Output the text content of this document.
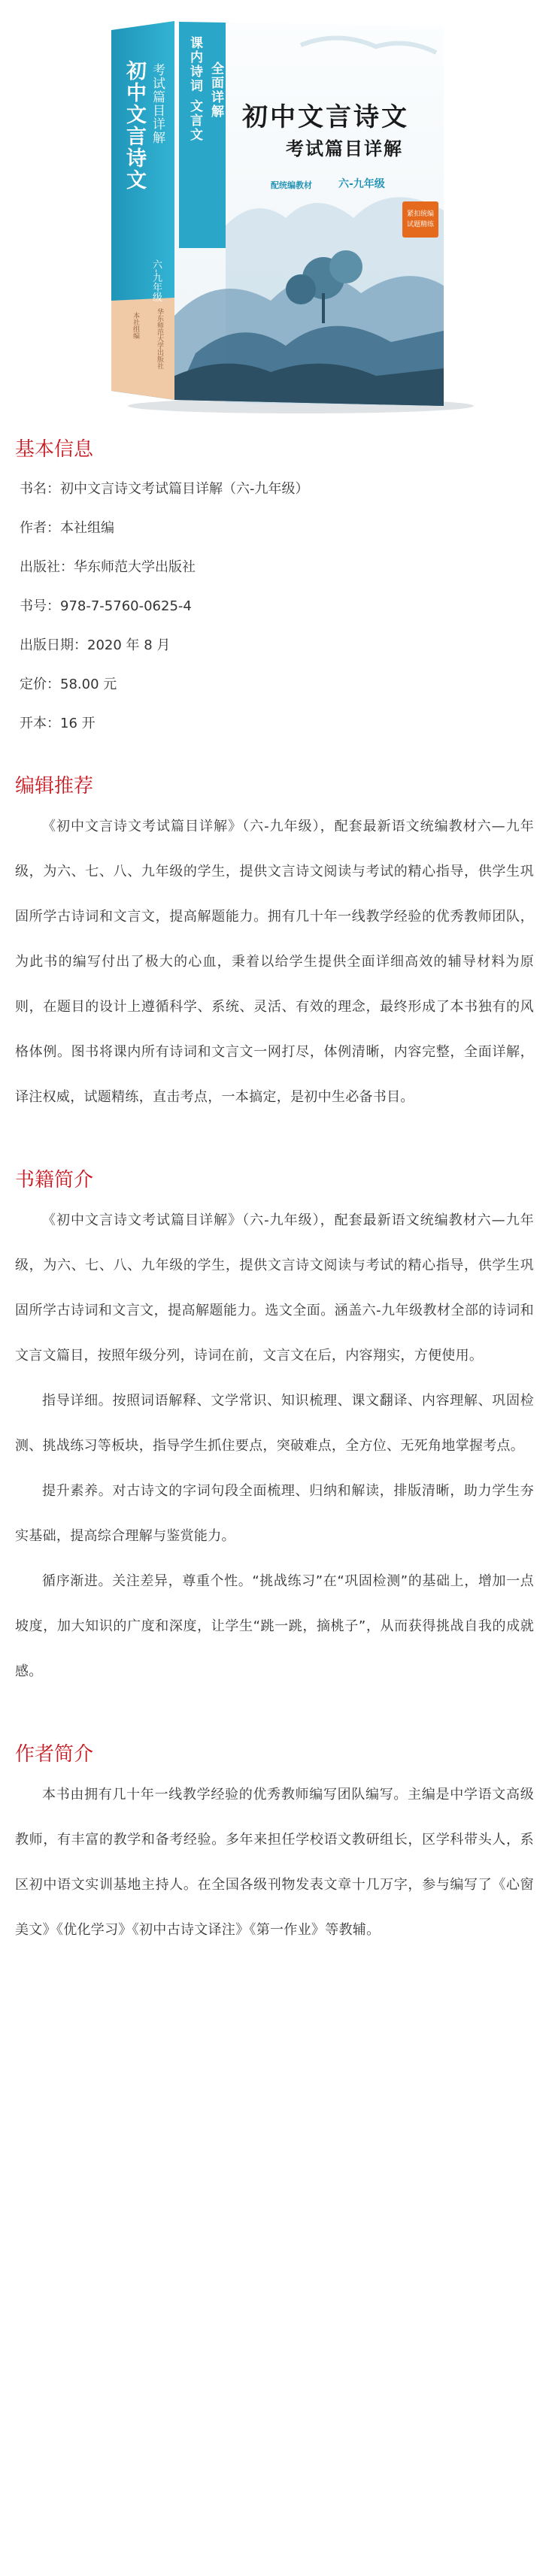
初中文言诗文 考试篇目详解
六-九年级
本社组编 华东师范大学出版社
课内诗词 文言文 全面详解 初中文言诗文
考试篇目详解
配统编教材	六-九年级
紧扣统编
试题精练
基本信息

书名：初中文言诗文考试篇目详解（六-九年级）

作者：本社组编

出版社：华东师范大学出版社

书号：978-7-5760-0625-4

出版日期：2020 年 8 月

定价：58.00 元

开本：16 开

编辑推荐

《初中文言诗文考试篇目详解》（六-九年级），配套最新语文统编教材六—九年级，为六、七、八、九年级的学生，提供文言诗文阅读与考试的精心指导，供学生巩固所学古诗词和文言文，提高解题能力。拥有几十年一线教学经验的优秀教师团队，为此书的编写付出了极大的心血，秉着以给学生提供全面详细高效的辅导材料为原则，在题目的设计上遵循科学、系统、灵活、有效的理念，最终形成了本书独有的风格体例。图书将课内所有诗词和文言文一网打尽，体例清晰，内容完整，全面详解，译注权威，试题精练，直击考点，一本搞定，是初中生必备书目。

书籍简介

《初中文言诗文考试篇目详解》（六-九年级），配套最新语文统编教材六—九年级，为六、七、八、九年级的学生，提供文言诗文阅读与考试的精心指导，供学生巩固所学古诗词和文言文，提高解题能力。选文全面。涵盖六-九年级教材全部的诗词和文言文篇目，按照年级分列，诗词在前，文言文在后，内容翔实，方便使用。

指导详细。按照词语解释、文学常识、知识梳理、课文翻译、内容理解、巩固检测、挑战练习等板块，指导学生抓住要点，突破难点，全方位、无死角地掌握考点。

提升素养。对古诗文的字词句段全面梳理、归纳和解读，排版清晰，助力学生夯实基础，提高综合理解与鉴赏能力。

循序渐进。关注差异，尊重个性。“挑战练习”在“巩固检测”的基础上，增加一点坡度，加大知识的广度和深度，让学生“跳一跳，摘桃子”，从而获得挑战自我的成就感。

作者简介

本书由拥有几十年一线教学经验的优秀教师编写团队编写。主编是中学语文高级教师，有丰富的教学和备考经验。多年来担任学校语文教研组长，区学科带头人，系区初中语文实训基地主持人。在全国各级刊物发表文章十几万字，参与编写了《心窗美文》《优化学习》《初中古诗文译注》《第一作业》等教辅。
